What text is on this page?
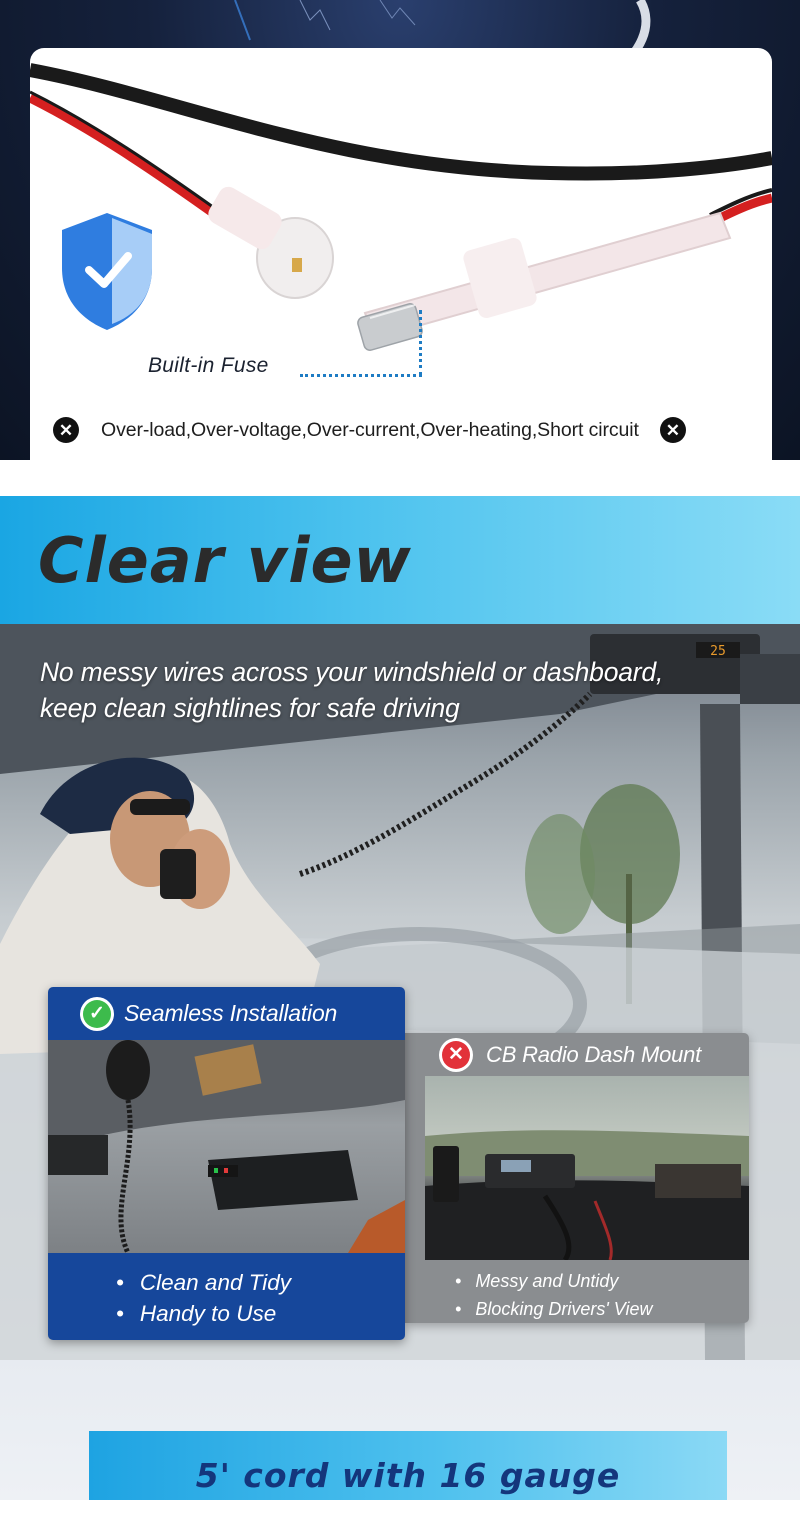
Built-in Fuse
✕	Over-load,Over-voltage,Over-current,Over-heating,Short circuit	✕
Clear view
25
No messy wires across your windshield or dashboard,
keep clean sightlines for safe driving
✓ Seamless Installation
• Clean and Tidy
• Handy to Use
✕ CB Radio Dash Mount
• Messy and Untidy
• Blocking Drivers' View
5' cord with 16 gauge
